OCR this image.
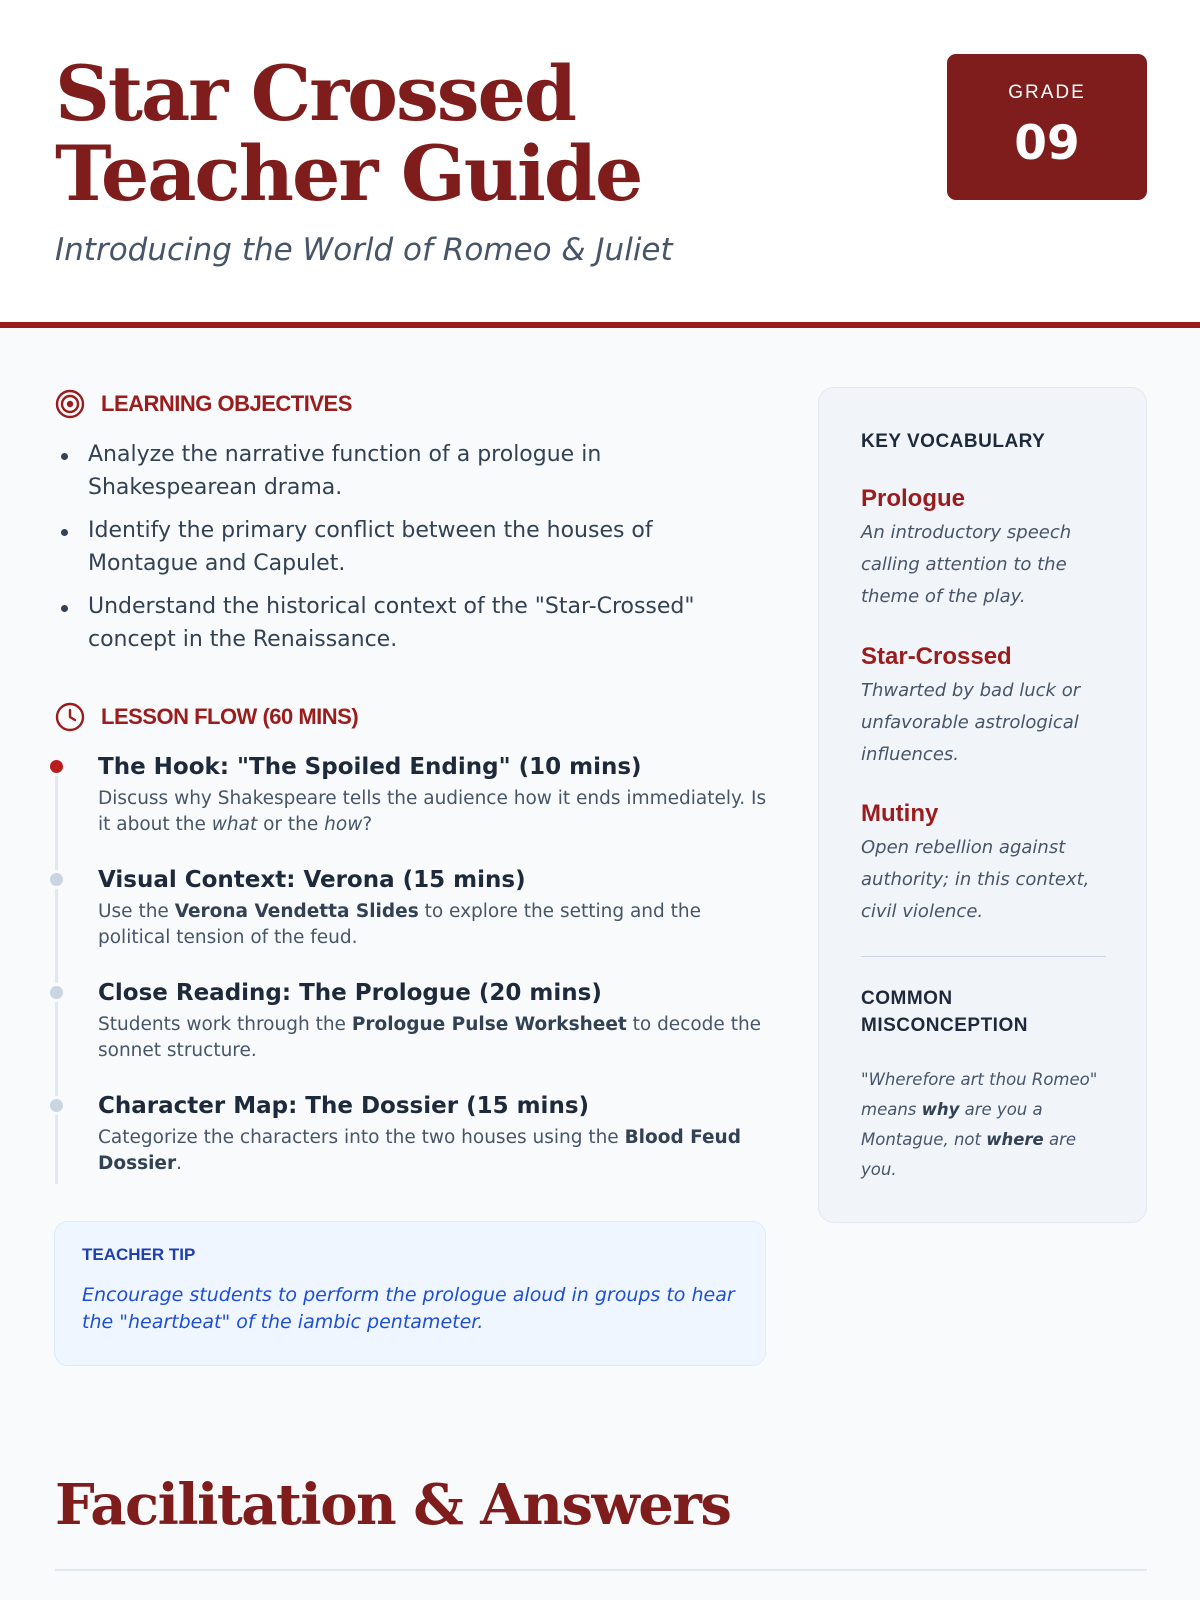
Star Crossed Teacher Guide

Introducing the World of Romeo & Juliet

GRADE
09
LEARNING OBJECTIVES
Analyze the narrative function of a prologue in Shakespearean drama.
Identify the primary conflict between the houses of Montague and Capulet.
Understand the historical context of the "Star-Crossed" concept in the Renaissance.
LESSON FLOW (60 MINS)
The Hook: "The Spoiled Ending" (10 mins)
Discuss why Shakespeare tells the audience how it ends immediately. Is it about the what or the how?
Visual Context: Verona (15 mins)
Use the Verona Vendetta Slides to explore the setting and the political tension of the feud.
Close Reading: The Prologue (20 mins)
Students work through the Prologue Pulse Worksheet to decode the sonnet structure.
Character Map: The Dossier (15 mins)
Categorize the characters into the two houses using the Blood Feud Dossier.
TEACHER TIP
Encourage students to perform the prologue aloud in groups to hear the "heartbeat" of the iambic pentameter.
KEY VOCABULARY
Prologue
An introductory speech calling attention to the theme of the play.
Star-Crossed
Thwarted by bad luck or unfavorable astrological influences.
Mutiny
Open rebellion against authority; in this context, civil violence.
COMMON MISCONCEPTION
"Wherefore art thou Romeo" means why are you a Montague, not where are you.
Facilitation & Answers
